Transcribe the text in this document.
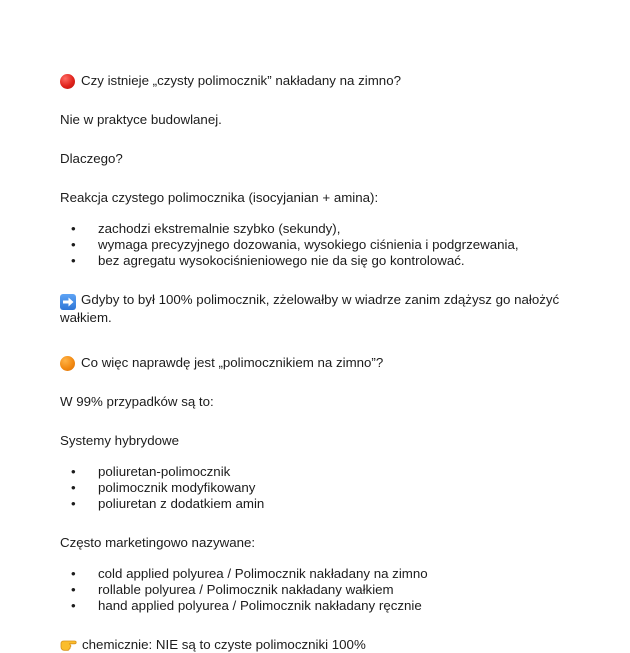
Czy istnieje „czysty polimocznik” nakładany na zimno?

Nie w praktyce budowlanej.

Dlaczego?

Reakcja czystego polimocznika (isocyjanian + amina):

• zachodzi ekstremalnie szybko (sekundy),
• wymaga precyzyjnego dozowania, wysokiego ciśnienia i podgrzewania,
• bez agregatu wysokociśnieniowego nie da się go kontrolować.

Gdyby to był 100% polimocznik, zżelowałby w wiadrze zanim zdążysz go nałożyć wałkiem.

Co więc naprawdę jest „polimocznikiem na zimno”?

W 99% przypadków są to:

Systemy hybrydowe

• poliuretan-polimocznik
• polimocznik modyfikowany
• poliuretan z dodatkiem amin

Często marketingowo nazywane:

• cold applied polyurea / Polimocznik nakładany na zimno
• rollable polyurea / Polimocznik nakładany wałkiem
• hand applied polyurea / Polimocznik nakładany ręcznie

chemicznie: NIE są to czyste polimoczniki 100%
